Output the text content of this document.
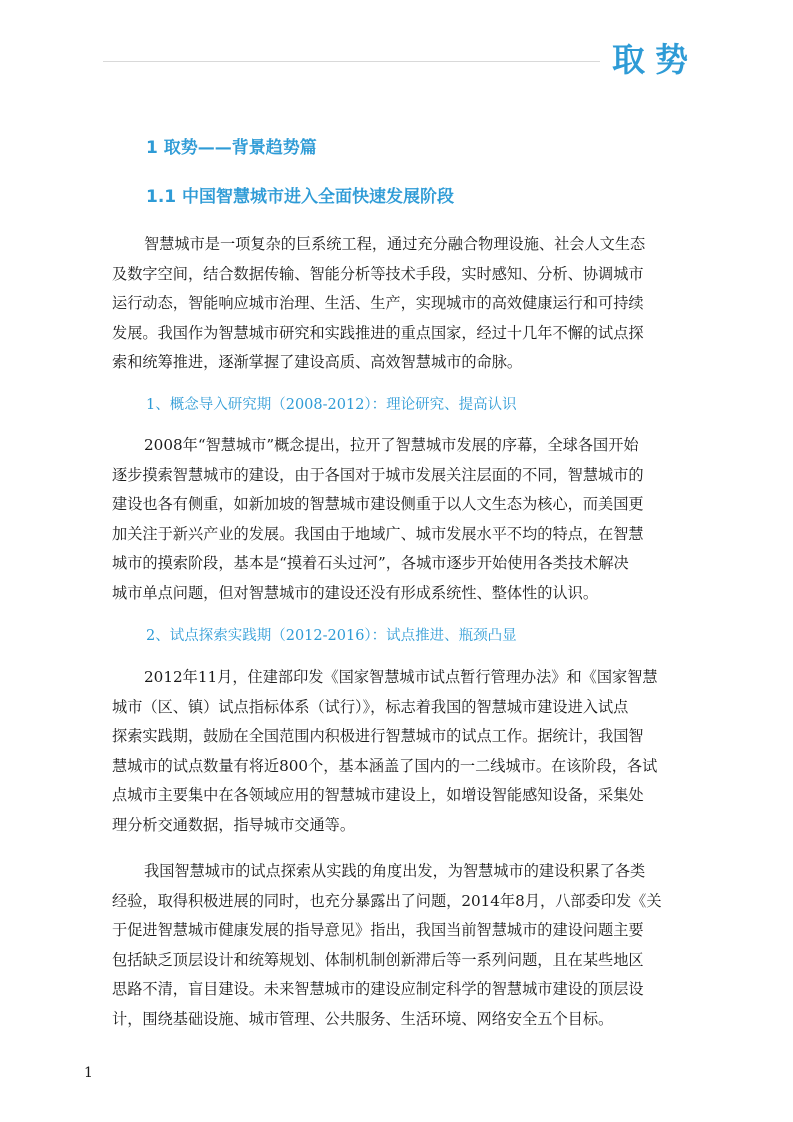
取势
1 取势——背景趋势篇
1.1 中国智慧城市进入全面快速发展阶段
智慧城市是一项复杂的巨系统工程，通过充分融合物理设施、社会人文生态
及数字空间，结合数据传输、智能分析等技术手段，实时感知、分析、协调城市
运行动态，智能响应城市治理、生活、生产，实现城市的高效健康运行和可持续
发展。我国作为智慧城市研究和实践推进的重点国家，经过十几年不懈的试点探
索和统筹推进，逐渐掌握了建设高质、高效智慧城市的命脉。
1、概念导入研究期（2008-2012）：理论研究、提高认识
2008年“智慧城市”概念提出，拉开了智慧城市发展的序幕，全球各国开始
逐步摸索智慧城市的建设，由于各国对于城市发展关注层面的不同，智慧城市的
建设也各有侧重，如新加坡的智慧城市建设侧重于以人文生态为核心，而美国更
加关注于新兴产业的发展。我国由于地域广、城市发展水平不均的特点，在智慧
城市的摸索阶段，基本是“摸着石头过河”，各城市逐步开始使用各类技术解决
城市单点问题，但对智慧城市的建设还没有形成系统性、整体性的认识。
2、试点探索实践期（2012-2016）：试点推进、瓶颈凸显
2012年11月，住建部印发《国家智慧城市试点暂行管理办法》和《国家智慧
城市（区、镇）试点指标体系（试行）》，标志着我国的智慧城市建设进入试点
探索实践期，鼓励在全国范围内积极进行智慧城市的试点工作。据统计，我国智
慧城市的试点数量有将近800个，基本涵盖了国内的一二线城市。在该阶段，各试
点城市主要集中在各领域应用的智慧城市建设上，如增设智能感知设备，采集处
理分析交通数据，指导城市交通等。
我国智慧城市的试点探索从实践的角度出发，为智慧城市的建设积累了各类
经验，取得积极进展的同时，也充分暴露出了问题，2014年8月，八部委印发《关
于促进智慧城市健康发展的指导意见》指出，我国当前智慧城市的建设问题主要
包括缺乏顶层设计和统筹规划、体制机制创新滞后等一系列问题，且在某些地区
思路不清，盲目建设。未来智慧城市的建设应制定科学的智慧城市建设的顶层设
计，围绕基础设施、城市管理、公共服务、生活环境、网络安全五个目标。
1
